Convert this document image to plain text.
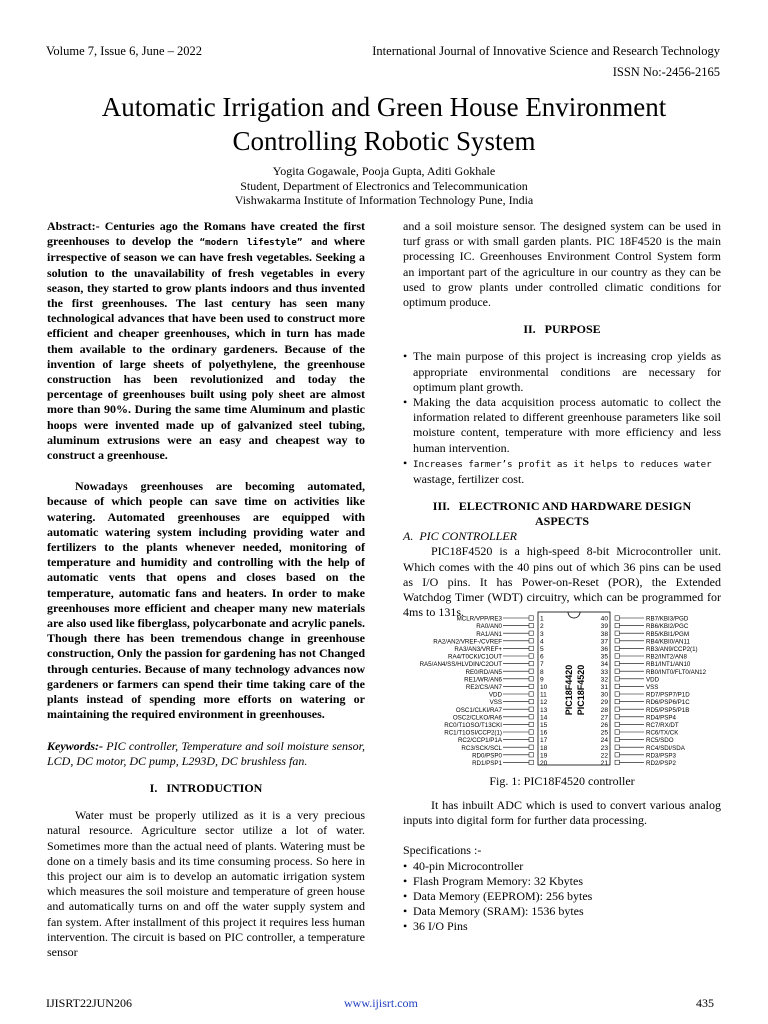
Volume 7, Issue 6, June – 2022	International Journal of Innovative Science and Research Technology
ISSN No:-2456-2165
Automatic Irrigation and Green House Environment
Controlling Robotic System
Yogita Gogawale, Pooja Gupta, Aditi Gokhale
Student, Department of Electronics and Telecommunication
Vishwakarma Institute of Information Technology Pune, India

Abstract:- Centuries ago the Romans have created the first greenhouses to develop the “modern lifestyle” and where irrespective of season we can have fresh vegetables. Seeking a solution to the unavailability of fresh vegetables in every season, they started to grow plants indoors and thus invented the first greenhouses. The last century has seen many technological advances that have been used to construct more efficient and cheaper greenhouses, which in turn has made them available to the ordinary gardeners. Because of the invention of large sheets of polyethylene, the greenhouse construction has been revolutionized and today the percentage of greenhouses built using poly sheet are almost more than 90%. During the same time Aluminum and plastic hoops were invented made up of galvanized steel tubing, aluminum extrusions were an easy and cheapest way to construct a greenhouse.

Nowadays greenhouses are becoming automated, because of which people can save time on activities like watering. Automated greenhouses are equipped with automatic watering system including providing water and fertilizers to the plants whenever needed, monitoring of temperature and humidity and controlling with the help of automatic vents that opens and closes based on the temperature, automatic fans and heaters. In order to make greenhouses more efficient and cheaper many new materials are also used like fiberglass, polycarbonate and acrylic panels. Though there has been tremendous change in greenhouse construction, Only the passion for gardening has not Changed through centuries. Because of many technology advances now gardeners or farmers can spend their time taking care of the plants instead of spending more efforts on watering or maintaining the required environment in greenhouses.

Keywords:- PIC controller, Temperature and soil moisture sensor, LCD, DC motor, DC pump, L293D, DC brushless fan.

I.   INTRODUCTION

Water must be properly utilized as it is a very precious natural resource. Agriculture sector utilize a lot of water. Sometimes more than the actual need of plants. Watering must be done on a timely basis and its time consuming process. So here in this project our aim is to develop an automatic irrigation system which measures the soil moisture and temperature of green house and automatically turns on and off the water supply system and fan system. After installment of this project it requires less human intervention. The circuit is based on PIC controller, a temperature sensor

and a soil moisture sensor. The designed system can be used in turf grass or with small garden plants. PIC 18F4520 is the main processing IC. Greenhouses Environment Control System form an important part of the agriculture in our country as they can be used to grow plants under controlled climatic conditions for optimum produce.

II.   PURPOSE

• The main purpose of this project is increasing crop yields as appropriate environmental conditions are necessary for optimum plant growth.

• Making the data acquisition process automatic to collect the information related to different greenhouse parameters like soil moisture content, temperature with more efficiency and less human intervention.

• Increases farmer’s profit as it helps to reduces water
wastage, fertilizer cost.

III.   ELECTRONIC AND HARDWARE DESIGN
ASPECTS

A.  PIC CONTROLLER

PIC18F4520 is a high-speed 8-bit Microcontroller unit. Which comes with the 40 pins out of which 36 pins can be used as I/O pins. It has Power-on-Reset (POR), the Extended Watchdog Timer (WDT) circuitry, which can be programmed for 4ms to 131s.

MCLR/VPP/RE3	1
RA0/AN0	2
RA1/AN1	3
RA2/AN2/VREF-/CVREF	4
RA3/AN3/VREF+	5
RA4/T0CKI/C1OUT	6
RA5/AN4/SS/HLVDIN/C2OUT	7
RE0/RD/AN5	8
RE1/WR/AN6	9
RE2/CS/AN7	10
VDD	11
VSS	12
OSC1/CLKI/RA7	13
OSC2/CLKO/RA6	14
RC0/T1OSO/T13CKI	15
RC1/T1OSI/CCP2(1)	16
RC2/CCP1/P1A	17
RC3/SCK/SCL	18
RD0/PSP0	19
RD1/PSP1	20
40	RB7/KBI3/PGD
39	RB6/KBI2/PGC
38	RB5/KBI1/PGM
37	RB4/KBI0/AN11
36	RB3/AN9/CCP2(1)
35	RB2/INT2/AN8
34	RB1/INT1/AN10
33	RB0/INT0/FLT0/AN12
32	VDD
31	VSS
30	RD7/PSP7/P1D
29	RD6/PSP6/P1C
28	RD5/PSP5/P1B
27	RD4/PSP4
26	RC7/RX/DT
25	RC6/TX/CK
24	RC5/SDO
23	RC4/SDI/SDA
22	RD3/PSP3
21	RD2/PSP2
PIC18F4420 PIC18F4520
Fig. 1: PIC18F4520 controller

It has inbuilt ADC which is used to convert various analog inputs into digital form for further data processing.

Specifications :-

• 40-pin Microcontroller

• Flash Program Memory: 32 Kbytes

• Data Memory (EEPROM): 256 bytes

• Data Memory (SRAM): 1536 bytes

• 36 I/O Pins

IJISRT22JUN206	www.ijisrt.com	435
